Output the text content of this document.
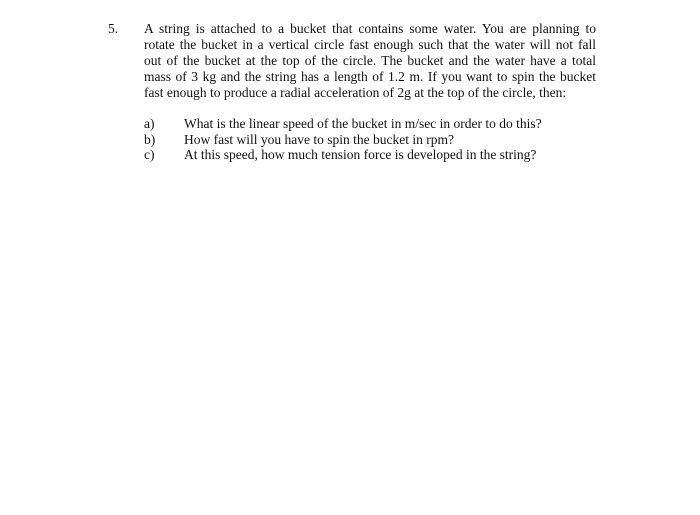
5. A string is attached to a bucket that contains some water. You are planning to
rotate the bucket in a vertical circle fast enough such that the water will not fall
out of the bucket at the top of the circle. The bucket and the water have a total
mass of 3 kg and the string has a length of 1.2 m. If you want to spin the bucket
fast enough to produce a radial acceleration of 2g at the top of the circle, then:
a)	What is the linear speed of the bucket in m/sec in order to do this?
b)	How fast will you have to spin the bucket in rpm?
c)	At this speed, how much tension force is developed in the string?
